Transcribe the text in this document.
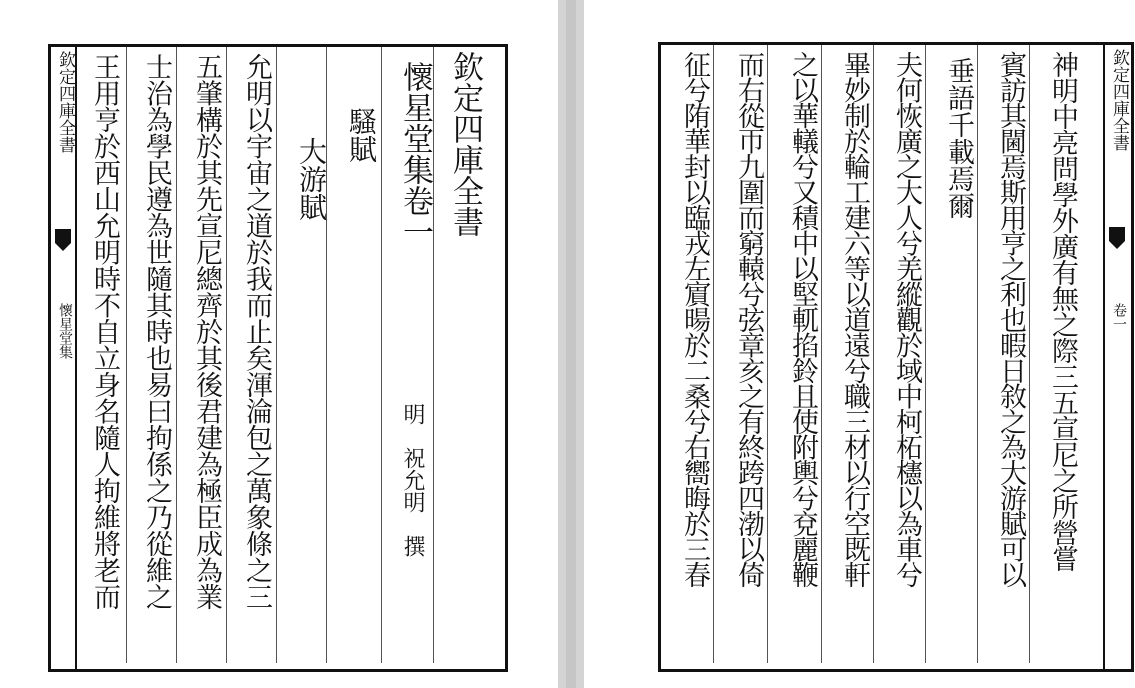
欽定四庫全書
懷星堂集
欽定四庫全書
懷星堂集卷一
明　祝允明　撰
騷賦
大游賦
允明以宇宙之道於我而止矣渾淪包之萬象條之三
五肇構於其先宣尼總齊於其後君建為極臣成為業
士治為學民遵為世隨其時也易曰拘係之乃從維之
王用亨於西山允明時不自立身名隨人拘維將老而	欽定四庫全書
卷一
神明中亮問學外廣有無之際三五宣尼之所營嘗
賓訪其閫焉斯用亨之利也暇日敘之為大游賦可以
垂語千載焉爾
夫何恢廣之大人兮羌縱觀於域中柯柘櫶以為車兮
畢妙制於輪工建六等以道遠兮職三材以行空既軒
之以華轙兮又積中以堅軏掐鈴且使附輿兮兗麗鞭
而右從帀九圍而窮轅兮弦章亥之有終跨四渤以倚
征兮陏華封以臨戎左賔暘於二桑兮右嚮晦於三春
